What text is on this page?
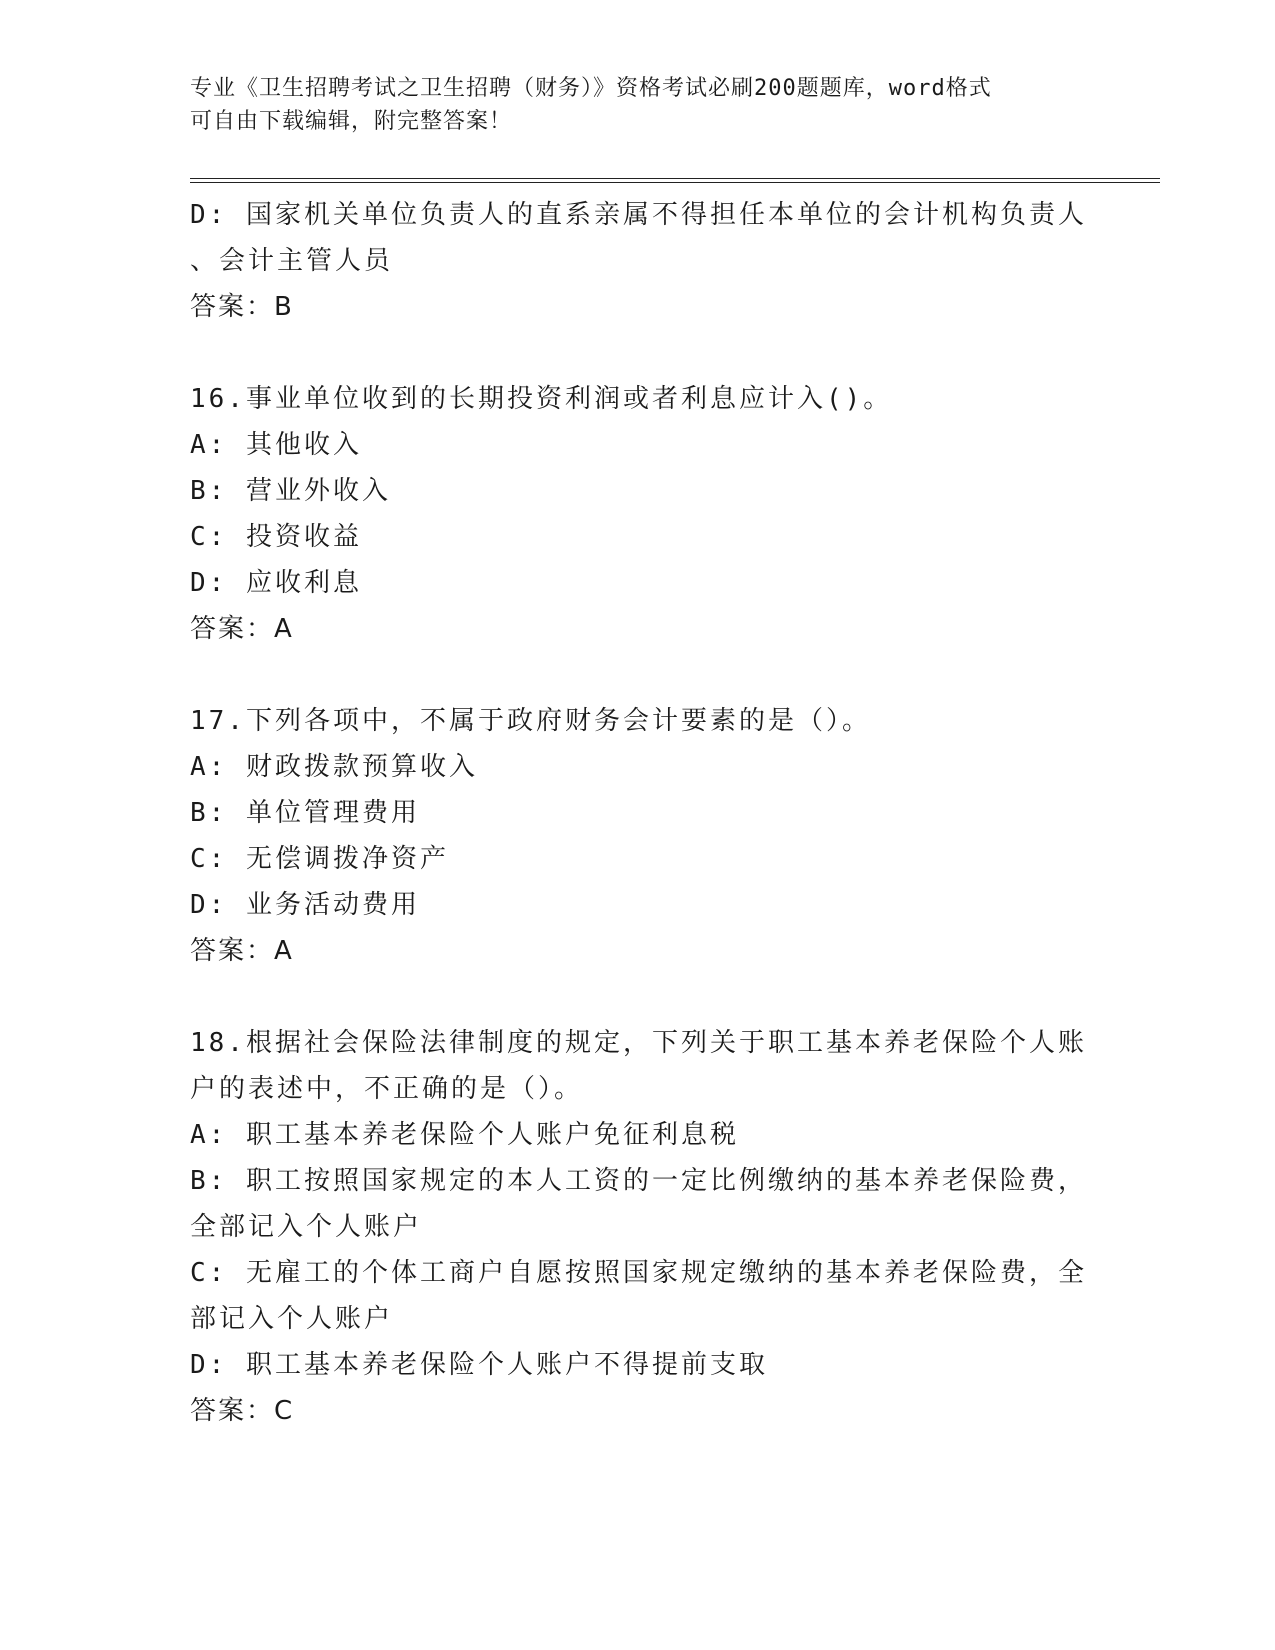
专业《卫生招聘考试之卫生招聘（财务）》资格考试必刷200题题库，word格式
可自由下载编辑，附完整答案！
D: 国家机关单位负责人的直系亲属不得担任本单位的会计机构负责人
、会计主管人员
答案：B
16.事业单位收到的长期投资利润或者利息应计入()。
A: 其他收入
B: 营业外收入
C: 投资收益
D: 应收利息
答案：A
17.下列各项中，不属于政府财务会计要素的是（）。
A: 财政拨款预算收入
B: 单位管理费用
C: 无偿调拨净资产
D: 业务活动费用
答案：A
18.根据社会保险法律制度的规定，下列关于职工基本养老保险个人账
户的表述中，不正确的是（）。
A: 职工基本养老保险个人账户免征利息税
B: 职工按照国家规定的本人工资的一定比例缴纳的基本养老保险费，
全部记入个人账户
C: 无雇工的个体工商户自愿按照国家规定缴纳的基本养老保险费，全
部记入个人账户
D: 职工基本养老保险个人账户不得提前支取
答案：C
